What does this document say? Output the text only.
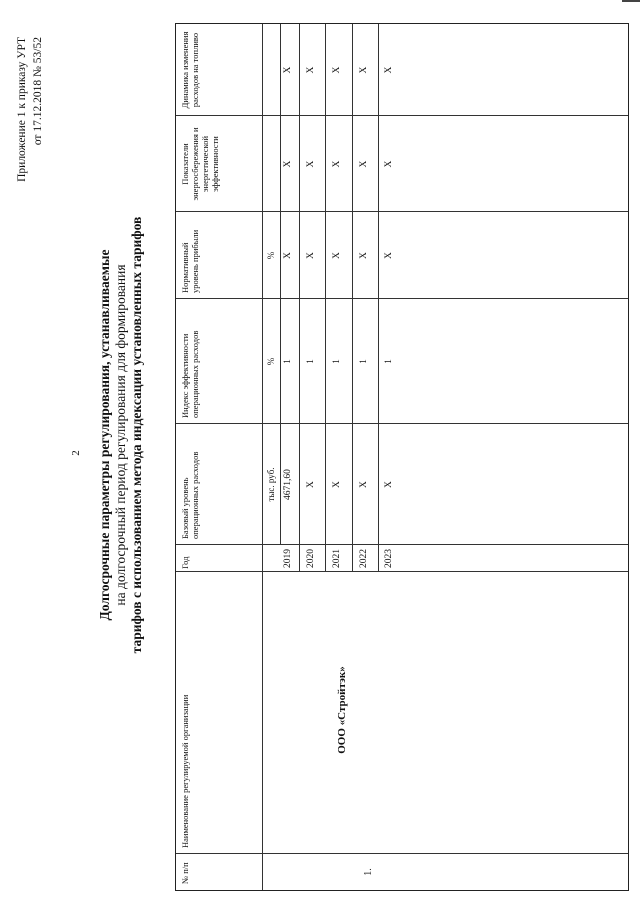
2
Приложение 1 к приказу УРТ от 17.12.2018 № 53/52
Долгосрочные параметры регулирования, устанавливаемые на долгосрочный период регулирования для формирования тарифов с использованием метода индексации установленных тарифов
№ п/п
Наименование регулируемой организации
Год
Базовый уровень операционных расходов
Индекс эффективности операционных расходов
Нормативный уровень прибыли
Показатели энергосбережения и энергетической эффективности
Динамика изменения расходов на топливо
тыс. руб.
%
%
2019
4671,60
1
Х
Х
Х
2020
Х
1
Х
Х
Х
2021
Х
1
Х
Х
Х
2022
Х
1
Х
Х
Х
2023
Х
1
Х
Х
Х
1.
ООО «Стройтэк»
